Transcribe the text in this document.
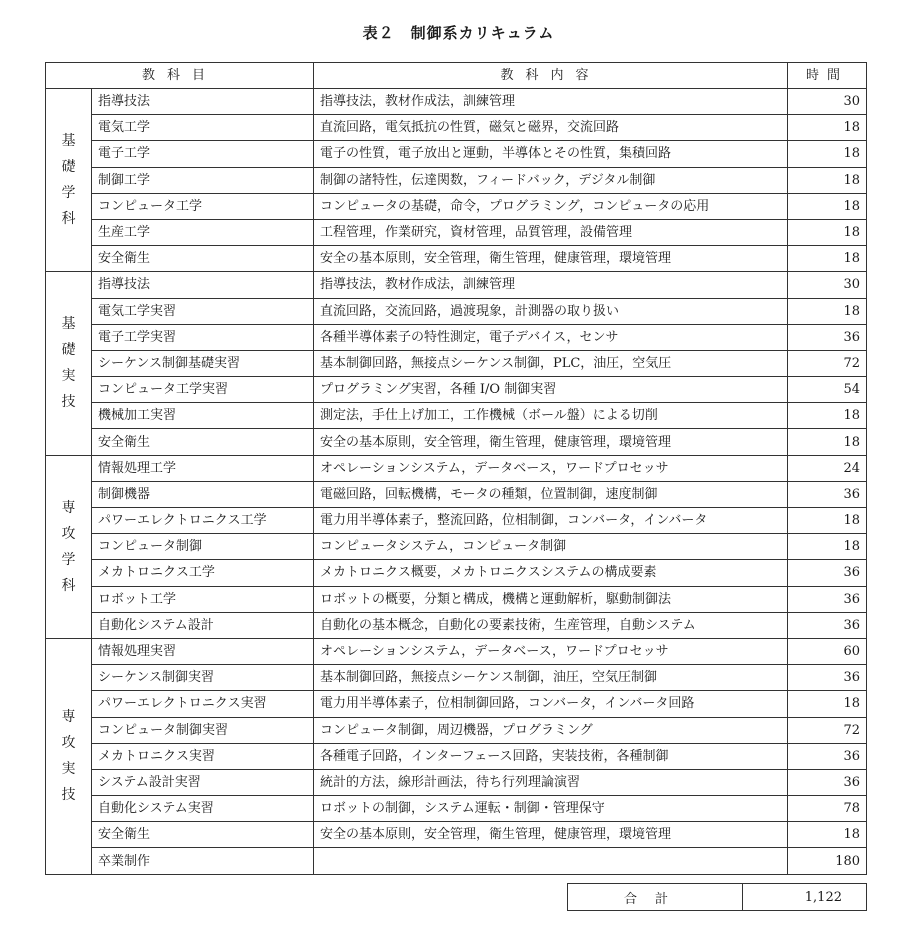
表２　制御系カリキュラム
教科目		教科内容	時間

基
礎
学
科	指導技法	指導技法，教材作成法，訓練管理	30
	電気工学	直流回路，電気抵抗の性質，磁気と磁界，交流回路	18
	電子工学	電子の性質，電子放出と運動，半導体とその性質，集積回路	18
	制御工学	制御の諸特性，伝達関数，フィードバック，デジタル制御	18
	コンピュータ工学	コンピュータの基礎，命令，プログラミング，コンピュータの応用	18
	生産工学	工程管理，作業研究，資材管理，品質管理，設備管理	18
	安全衛生	安全の基本原則，安全管理，衛生管理，健康管理，環境管理	18

基
礎
実
技	指導技法	指導技法，教材作成法，訓練管理	30
	電気工学実習	直流回路，交流回路，過渡現象，計測器の取り扱い	18
	電子工学実習	各種半導体素子の特性測定，電子デバイス，センサ	36
	シーケンス制御基礎実習	基本制御回路，無接点シーケンス制御，PLC，油圧，空気圧	72
	コンピュータ工学実習	プログラミング実習，各種 I/O 制御実習	54
	機械加工実習	測定法，手仕上げ加工，工作機械（ボール盤）による切削	18
	安全衛生	安全の基本原則，安全管理，衛生管理，健康管理，環境管理	18

専
攻
学
科	情報処理工学	オペレーションシステム，データベース，ワードプロセッサ	24
	制御機器	電磁回路，回転機構，モータの種類，位置制御，速度制御	36
	パワーエレクトロニクス工学	電力用半導体素子，整流回路，位相制御，コンバータ，インバータ	18
	コンピュータ制御	コンピュータシステム，コンピュータ制御	18
	メカトロニクス工学	メカトロニクス概要，メカトロニクスシステムの構成要素	36
	ロボット工学	ロボットの概要，分類と構成，機構と運動解析，駆動制御法	36
	自動化システム設計	自動化の基本概念，自動化の要素技術，生産管理，自動システム	36

専
攻
実
技	情報処理実習	オペレーションシステム，データベース，ワードプロセッサ	60
	シーケンス制御実習	基本制御回路，無接点シーケンス制御，油圧，空気圧制御	36
	パワーエレクトロニクス実習	電力用半導体素子，位相制御回路，コンバータ，インバータ回路	18
	コンピュータ制御実習	コンピュータ制御，周辺機器，プログラミング	72
	メカトロニクス実習	各種電子回路，インターフェース回路，実装技術，各種制御	36
	システム設計実習	統計的方法，線形計画法，待ち行列理論演習	36
	自動化システム実習	ロボットの制御，システム運転・制御・管理保守	78
	安全衛生	安全の基本原則，安全管理，衛生管理，健康管理，環境管理	18
	卒業制作		180
合計	1,122
